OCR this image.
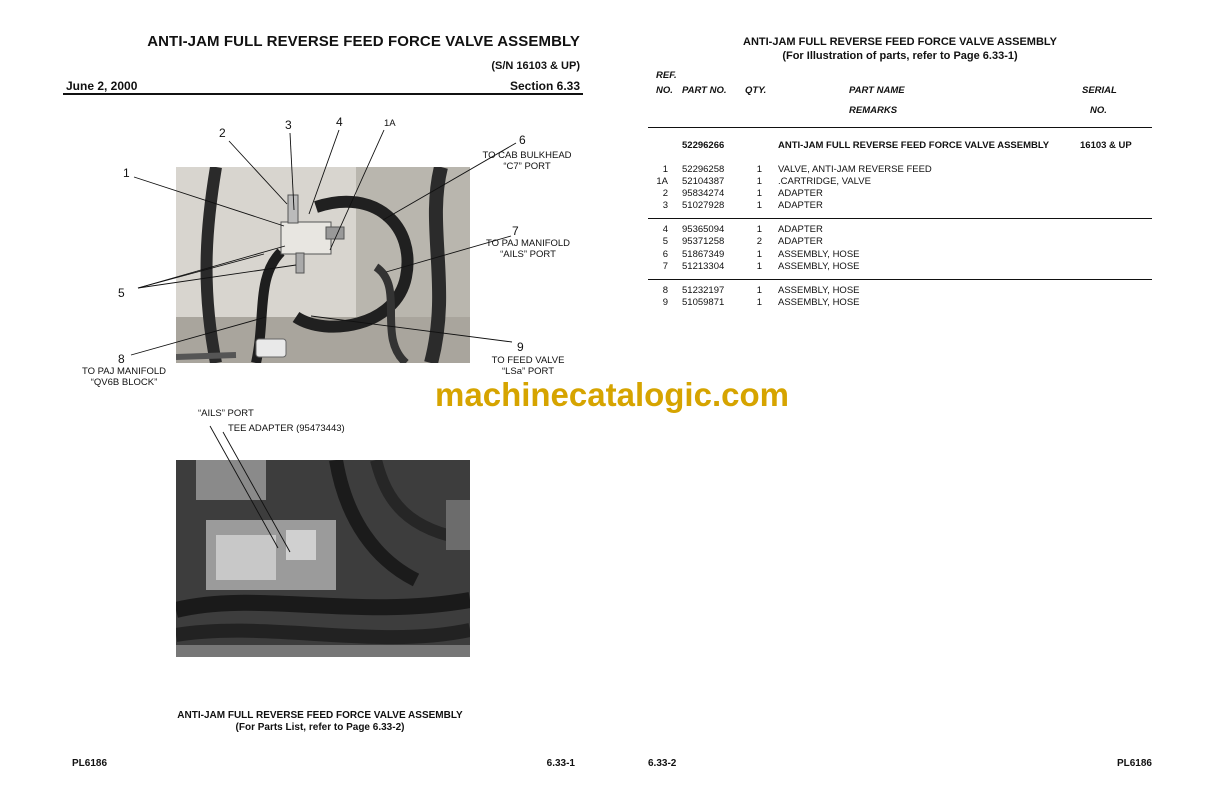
ANTI-JAM FULL REVERSE FEED FORCE VALVE ASSEMBLY
(S/N 16103 & UP)
June 2, 2000	Section 6.33
1
2
3	4	1A
5
6
7
8
9
TO CAB BULKHEAD
“C7” PORT
TO PAJ MANIFOLD
“AILS” PORT
TO PAJ MANIFOLD
“QV6B BLOCK”
TO FEED VALVE
“LSa” PORT
“AILS” PORT
TEE ADAPTER (95473443)
ANTI-JAM FULL REVERSE FEED FORCE VALVE ASSEMBLY
(For Parts List, refer to Page 6.33-2)
PL6186	6.33-1
machinecatalogic.com
ANTI-JAM FULL REVERSE FEED FORCE VALVE ASSEMBLY
(For Illustration of parts, refer to Page 6.33-1)
REF.
NO. PART NO. QTY.	PART NAME
REMARKS
SERIAL
NO.
52296266	ANTI-JAM FULL REVERSE FEED FORCE VALVE ASSEMBLY	16103 & UP
1 52296258	1 VALVE, ANTI-JAM REVERSE FEED
1A 52104387	1 .CARTRIDGE, VALVE
2 95834274	1 ADAPTER
3 51027928	1 ADAPTER
4 95365094	1 ADAPTER
5 95371258	2 ADAPTER
6 51867349	1 ASSEMBLY, HOSE
7 51213304	1 ASSEMBLY, HOSE
8 51232197	1 ASSEMBLY, HOSE
9 51059871	1 ASSEMBLY, HOSE
6.33-2	PL6186
